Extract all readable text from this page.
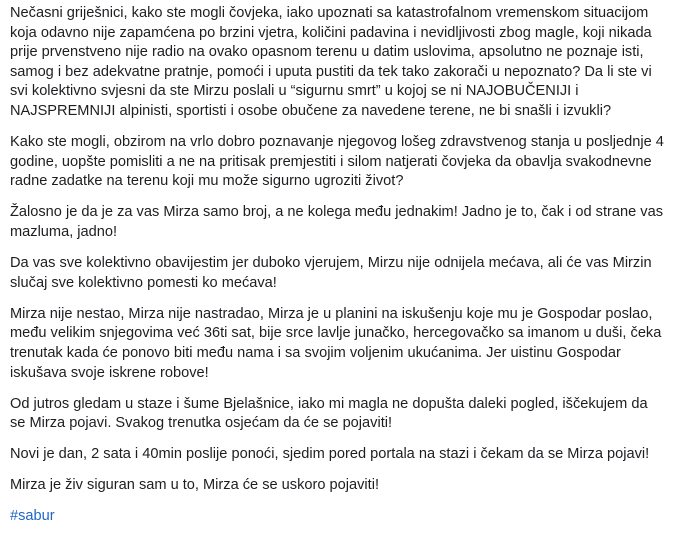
Nečasni griješnici, kako ste mogli čovjeka, iako upoznati sa katastrofalnom vremenskom situacijom koja odavno nije zapamćena po brzini vjetra, količini padavina i nevidljivosti zbog magle, koji nikada prije prvenstveno nije radio na ovako opasnom terenu u datim uslovima, apsolutno ne poznaje isti, samog i bez adekvatne pratnje, pomoći i uputa pustiti da tek tako zakorači u nepoznato? Da li ste vi svi kolektivno svjesni da ste Mirzu poslali u “sigurnu smrt” u kojoj se ni NAJOBUČENIJI i NAJSPREMNIJI alpinisti, sportisti i osobe obučene za navedene terene, ne bi snašli i izvukli?

Kako ste mogli, obzirom na vrlo dobro poznavanje njegovog lošeg zdravstvenog stanja u posljednje 4 godine, uopšte pomisliti a ne na pritisak premjestiti i silom natjerati čovjeka da obavlja svakodnevne radne zadatke na terenu koji mu može sigurno ugroziti život?

Žalosno je da je za vas Mirza samo broj, a ne kolega među jednakim! Jadno je to, čak i od strane vas mazluma, jadno!

Da vas sve kolektivno obavijestim jer duboko vjerujem, Mirzu nije odnijela mećava, ali će vas Mirzin slučaj sve kolektivno pomesti ko mećava!

Mirza nije nestao, Mirza nije nastradao, Mirza je u planini na iskušenju koje mu je Gospodar poslao, među velikim snjegovima već 36ti sat, bije srce lavlje junačko, hercegovačko sa imanom u duši, čeka trenutak kada će ponovo biti među nama i sa svojim voljenim ukućanima. Jer uistinu Gospodar iskušava svoje iskrene robove!

Od jutros gledam u staze i šume Bjelašnice, iako mi magla ne dopušta daleki pogled, iščekujem da se Mirza pojavi. Svakog trenutka osjećam da će se pojaviti!

Novi je dan, 2 sata i 40min poslije ponoći, sjedim pored portala na stazi i čekam da se Mirza pojavi!

Mirza je živ siguran sam u to, Mirza će se uskoro pojaviti!

#sabur
